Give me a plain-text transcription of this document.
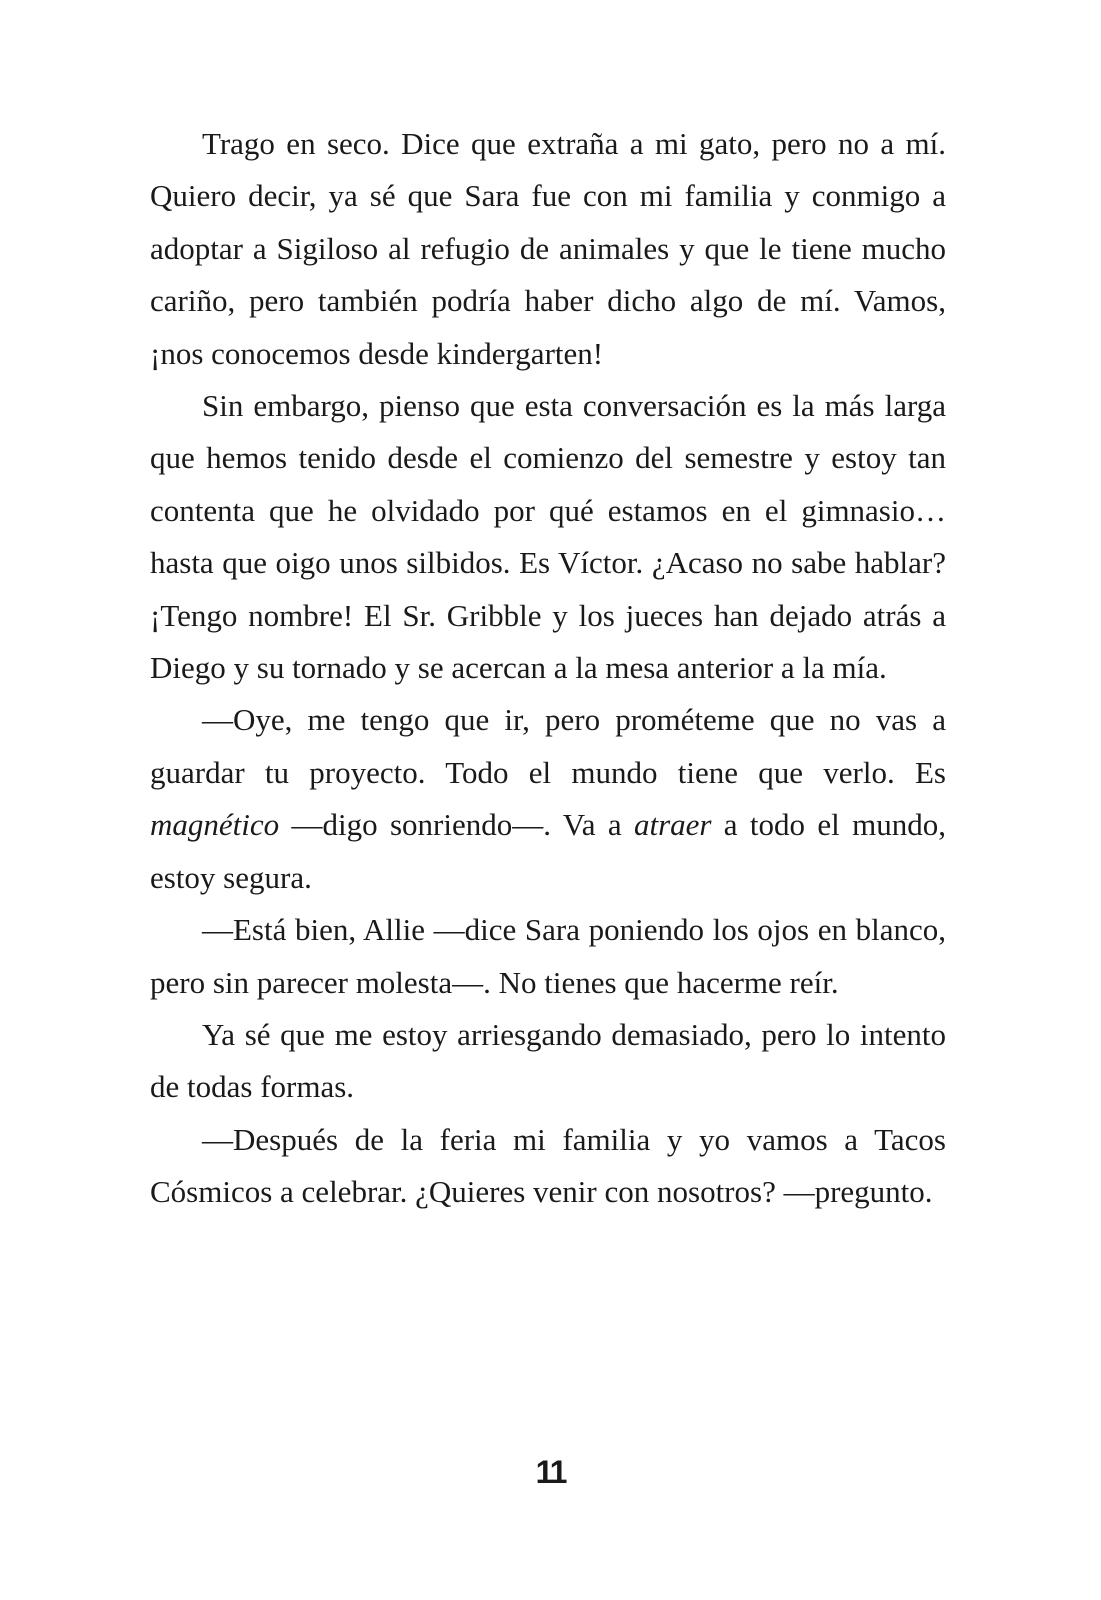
Trago en seco. Dice que extraña a mi gato, pero no a mí. Quiero decir, ya sé que Sara fue con mi familia y conmigo a adoptar a Sigiloso al refugio de animales y que le tiene mucho cariño, pero también podría haber dicho algo de mí. Vamos, ¡nos conocemos desde kindergarten!

Sin embargo, pienso que esta conversación es la más larga que hemos tenido desde el comienzo del semestre y estoy tan contenta que he olvidado por qué estamos en el gimnasio… hasta que oigo unos silbidos. Es Víctor. ¿Acaso no sabe hablar? ¡Tengo nombre! El Sr. Gribble y los jueces han dejado atrás a Diego y su tornado y se acercan a la mesa anterior a la mía.

—Oye, me tengo que ir, pero prométeme que no vas a guardar tu proyecto. Todo el mundo tiene que verlo. Es magnético —digo sonriendo—. Va a atraer a todo el mundo, estoy segura.

—Está bien, Allie —dice Sara poniendo los ojos en blanco, pero sin parecer molesta—. No tienes que hacerme reír.

Ya sé que me estoy arriesgando demasiado, pero lo intento de todas formas.

—Después de la feria mi familia y yo vamos a Tacos Cósmicos a celebrar. ¿Quieres venir con nosotros? —pregunto.

11
